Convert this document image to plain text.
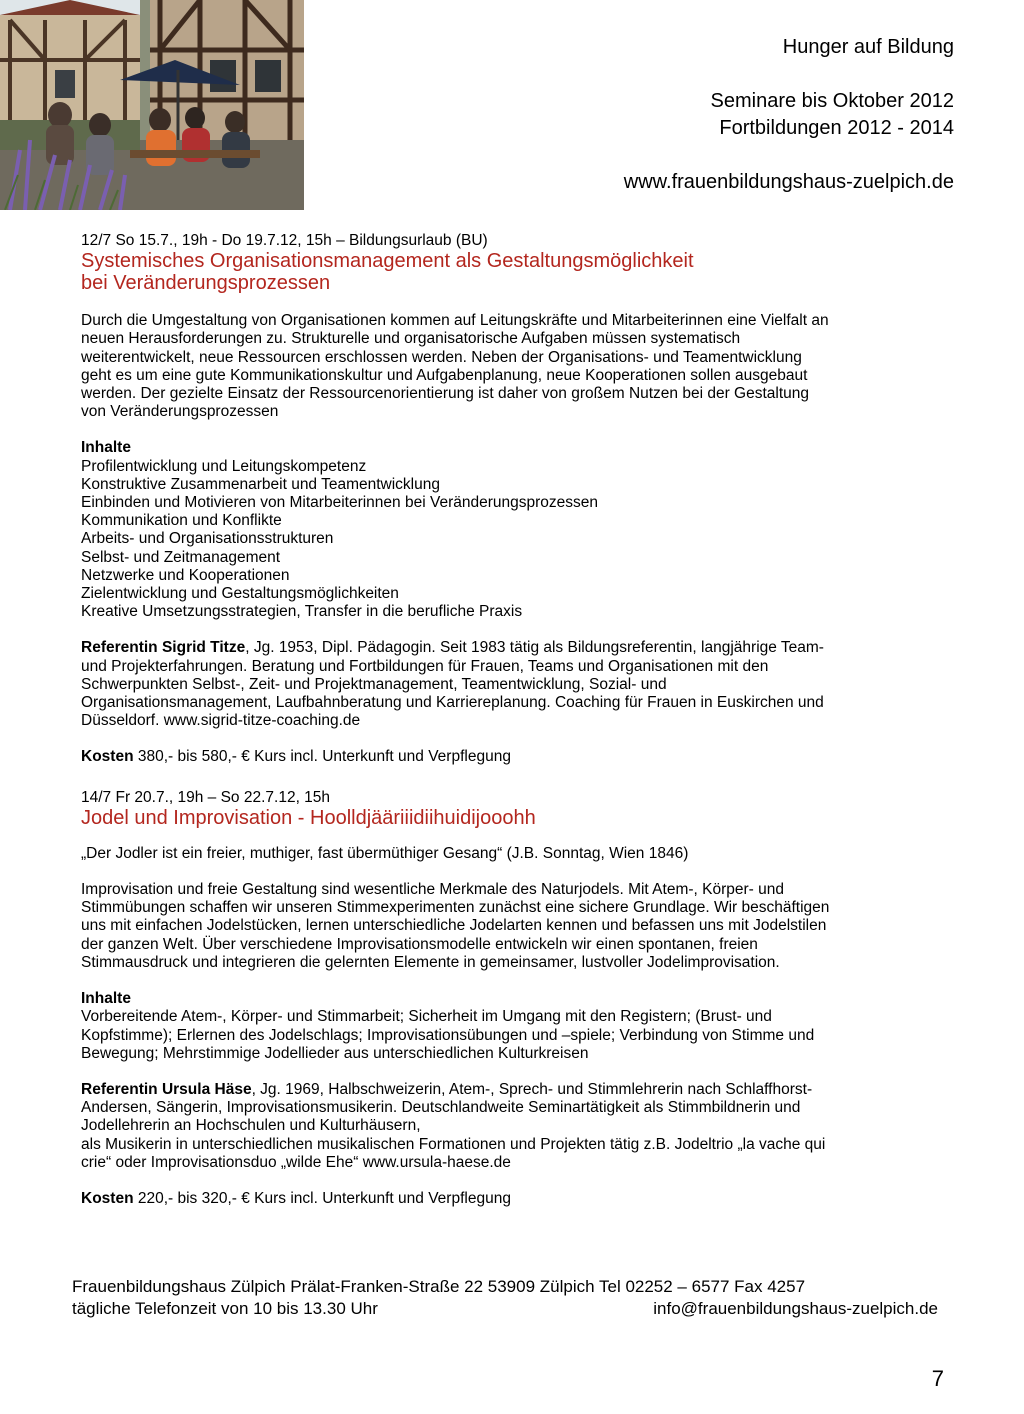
Hunger auf Bildung
Seminare bis Oktober 2012
Fortbildungen 2012 - 2014
www.frauenbildungshaus-zuelpich.de

12/7 So 15.7., 19h - Do 19.7.12, 15h – Bildungsurlaub (BU)

Systemisches Organisationsmanagement als Gestaltungsmöglichkeit

bei Veränderungsprozessen

Durch die Umgestaltung von Organisationen kommen auf Leitungskräfte und Mitarbeiterinnen eine Vielfalt an

neuen Herausforderungen zu. Strukturelle und organisatorische Aufgaben müssen systematisch

weiterentwickelt, neue Ressourcen erschlossen werden. Neben der Organisations- und Teamentwicklung

geht es um eine gute Kommunikationskultur und Aufgabenplanung, neue Kooperationen sollen ausgebaut

werden. Der gezielte Einsatz der Ressourcenorientierung ist daher von großem Nutzen bei der Gestaltung

von Veränderungsprozessen

Inhalte

Profilentwicklung und Leitungskompetenz

Konstruktive Zusammenarbeit und Teamentwicklung

Einbinden und Motivieren von Mitarbeiterinnen bei Veränderungsprozessen

Kommunikation und Konflikte

Arbeits- und Organisationsstrukturen

Selbst- und Zeitmanagement

Netzwerke und Kooperationen

Zielentwicklung und Gestaltungsmöglichkeiten

Kreative Umsetzungsstrategien, Transfer in die berufliche Praxis

Referentin Sigrid Titze, Jg. 1953, Dipl. Pädagogin. Seit 1983 tätig als Bildungsreferentin, langjährige Team-

und Projekterfahrungen. Beratung und Fortbildungen für Frauen, Teams und Organisationen mit den

Schwerpunkten Selbst-, Zeit- und Projektmanagement, Teamentwicklung, Sozial- und

Organisationsmanagement, Laufbahnberatung und Karriereplanung. Coaching für Frauen in Euskirchen und

Düsseldorf. www.sigrid-titze-coaching.de

Kosten 380,- bis 580,- € Kurs incl. Unterkunft und Verpflegung

14/7 Fr 20.7., 19h – So 22.7.12, 15h

Jodel und Improvisation - Hoolldjääriiidiihuidijooohh

„Der Jodler ist ein freier, muthiger, fast übermüthiger Gesang“ (J.B. Sonntag, Wien 1846)

Improvisation und freie Gestaltung sind wesentliche Merkmale des Naturjodels. Mit Atem-, Körper- und

Stimmübungen schaffen wir unseren Stimmexperimenten zunächst eine sichere Grundlage. Wir beschäftigen

uns mit einfachen Jodelstücken, lernen unterschiedliche Jodelarten kennen und befassen uns mit Jodelstilen

der ganzen Welt. Über verschiedene Improvisationsmodelle entwickeln wir einen spontanen, freien

Stimmausdruck und integrieren die gelernten Elemente in gemeinsamer, lustvoller Jodelimprovisation.

Inhalte

Vorbereitende Atem-, Körper- und Stimmarbeit; Sicherheit im Umgang mit den Registern; (Brust- und

Kopfstimme); Erlernen des Jodelschlags; Improvisationsübungen und –spiele; Verbindung von Stimme und

Bewegung; Mehrstimmige Jodellieder aus unterschiedlichen Kulturkreisen

Referentin Ursula Häse, Jg. 1969, Halbschweizerin, Atem-, Sprech- und Stimmlehrerin nach Schlaffhorst-

Andersen, Sängerin, Improvisationsmusikerin. Deutschlandweite Seminartätigkeit als Stimmbildnerin und

Jodellehrerin an Hochschulen und Kulturhäusern,

als Musikerin in unterschiedlichen musikalischen Formationen und Projekten tätig z.B. Jodeltrio „la vache qui

crie“ oder Improvisationsduo „wilde Ehe“ www.ursula-haese.de

Kosten 220,- bis 320,- € Kurs incl. Unterkunft und Verpflegung

Frauenbildungshaus Zülpich Prälat-Franken-Straße 22 53909 Zülpich Tel 02252 – 6577 Fax 4257
tägliche Telefonzeit von 10 bis 13.30 Uhr	info@frauenbildungshaus-zuelpich.de
7
